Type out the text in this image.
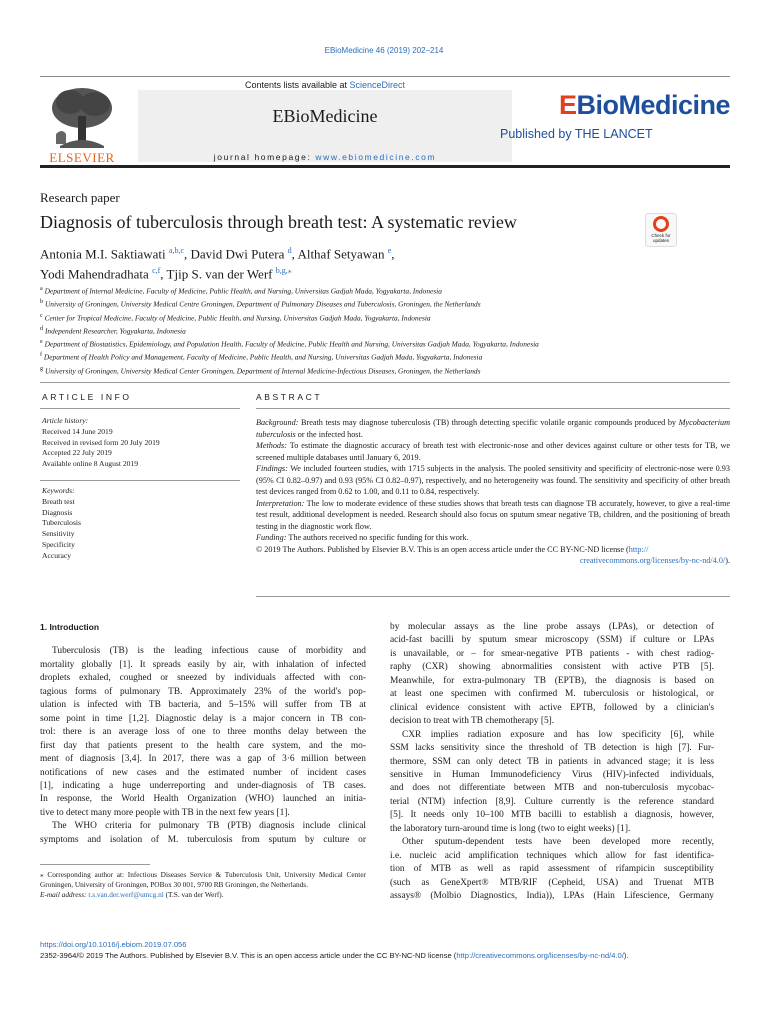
EBioMedicine 46 (2019) 202–214
Contents lists available at ScienceDirect
EBioMedicine
journal homepage: www.ebiomedicine.com
ELSEVIER
EBioMedicine
Published by THE LANCET
Research paper
Diagnosis of tuberculosis through breath test: A systematic review
Check for updates
Antonia M.I. Saktiawati $^{a,b,c}$, David Dwi Putera $^d$, Althaf Setyawan $^e$,
Yodi Mahendradhata $^{c,f}$, Tjip S. van der Werf $^{b,g,⁎}$
$^a$ Department of Internal Medicine, Faculty of Medicine, Public Health, and Nursing, Universitas Gadjah Mada, Yogyakarta, Indonesia
$^b$ University of Groningen, University Medical Centre Groningen, Department of Pulmonary Diseases and Tuberculosis, Groningen, the Netherlands
$^c$ Center for Tropical Medicine, Faculty of Medicine, Public Health, and Nursing, Universitas Gadjah Mada, Yogyakarta, Indonesia
$^d$ Independent Researcher, Yogyakarta, Indonesia
$^e$ Department of Biostatistics, Epidemiology, and Population Health, Faculty of Medicine, Public Health and Nursing, Universitas Gadjah Mada, Yogyakarta, Indonesia
$^f$ Department of Health Policy and Management, Faculty of Medicine, Public Health, and Nursing, Universitas Gadjah Mada, Yogyakarta, Indonesia
$^g$ University of Groningen, University Medical Center Groningen, Department of Internal Medicine-Infectious Diseases, Groningen, the Netherlands
ARTICLE INFO
Article history:
Received 14 June 2019
Received in revised form 20 July 2019
Accepted 22 July 2019
Available online 8 August 2019
Keywords:
Breath test
Diagnosis
Tuberculosis
Sensitivity
Specificity
Accuracy
ABSTRACT
Background: Breath tests may diagnose tuberculosis (TB) through detecting specific volatile organic compounds produced by Mycobacterium tuberculosis or the infected host.
Methods: To estimate the diagnostic accuracy of breath test with electronic-nose and other devices against culture or other tests for TB, we screened multiple databases until January 6, 2019.
Findings: We included fourteen studies, with 1715 subjects in the analysis. The pooled sensitivity and specificity of electronic-nose were 0.93 (95% CI 0.82–0.97) and 0.93 (95% CI 0.82–0.97), respectively, and no heterogeneity was found. The sensitivity and specificity of other breath test devices ranged from 0.62 to 1.00, and 0.11 to 0.84, respectively.
Interpretation: The low to moderate evidence of these studies shows that breath tests can diagnose TB accurately, however, to give a real-time test result, additional development is needed. Research should also focus on sputum smear negative TB, children, and the positioning of breath testing in the diagnostic work flow.
Funding: The authors received no specific funding for this work.
© 2019 The Authors. Published by Elsevier B.V. This is an open access article under the CC BY-NC-ND license (http://
creativecommons.org/licenses/by-nc-nd/4.0/).
1. Introduction
Tuberculosis (TB) is the leading infectious cause of morbidity and
mortality globally [1]. It spreads easily by air, with inhalation of infected
droplets exhaled, coughed or sneezed by individuals affected with con-
tagious forms of pulmonary TB. Approximately 23% of the world's pop-
ulation is infected with TB bacteria, and 5–15% will suffer from TB at
some point in time [1,2]. Diagnostic delay is a major concern in TB con-
trol: there is an average loss of one to three months delay between the
first day that patients present to the health care system, and the mo-
ment of diagnosis [3,4]. In 2017, there was a gap of 3·6 million between
notifications of new cases and the estimated number of incident cases
[1], indicating a huge underreporting and under-diagnosis of TB cases.
In response, the World Health Organization (WHO) launched an initia-
tive to detect many more people with TB in the next few years [1].
The WHO criteria for pulmonary TB (PTB) diagnosis include clinical
symptoms and isolation of M. tuberculosis from sputum by culture or
by molecular assays as the line probe assays (LPAs), or detection of
acid-fast bacilli by sputum smear microscopy (SSM) if culture or LPAs
is unavailable, or – for smear-negative PTB patients - with chest radiog-
raphy (CXR) showing abnormalities consistent with active PTB [5].
Meanwhile, for extra-pulmonary TB (EPTB), the diagnosis is based on
at least one specimen with confirmed M. tuberculosis or histological, or
clinical evidence consistent with active EPTB, followed by a clinician's
decision to treat with TB chemotherapy [5].
CXR implies radiation exposure and has low specificity [6], while
SSM lacks sensitivity since the threshold of TB detection is high [7]. Fur-
thermore, SSM can only detect TB in patients in advanced stage; it is less
sensitive in Human Immunodeficiency Virus (HIV)-infected individuals,
and does not differentiate between MTB and non-tuberculosis mycobac-
terial (NTM) infection [8,9]. Culture currently is the reference standard
[5]. It needs only 10–100 MTB bacilli to establish a diagnosis, however,
the laboratory turn-around time is long (two to eight weeks) [1].
Other sputum-dependent tests have been developed more recently,
i.e. nucleic acid amplification techniques which allow for fast identifica-
tion of MTB as well as rapid assessment of rifampicin susceptibility
(such as GeneXpert® MTB/RIF (Cepheid, USA) and Truenat MTB
assays® (Molbio Diagnostics, India)), LPAs (Hain Lifescience, Germany
⁎ Corresponding author at: Infectious Diseases Service & Tuberculosis Unit, University Medical Center Groningen, University of Groningen, POBox 30 001, 9700 RB Groningen, the Netherlands.
E-mail address: t.s.van.der.werf@umcg.nl (T.S. van der Werf).
https://doi.org/10.1016/j.ebiom.2019.07.056
2352-3964/© 2019 The Authors. Published by Elsevier B.V. This is an open access article under the CC BY-NC-ND license (http://creativecommons.org/licenses/by-nc-nd/4.0/).
